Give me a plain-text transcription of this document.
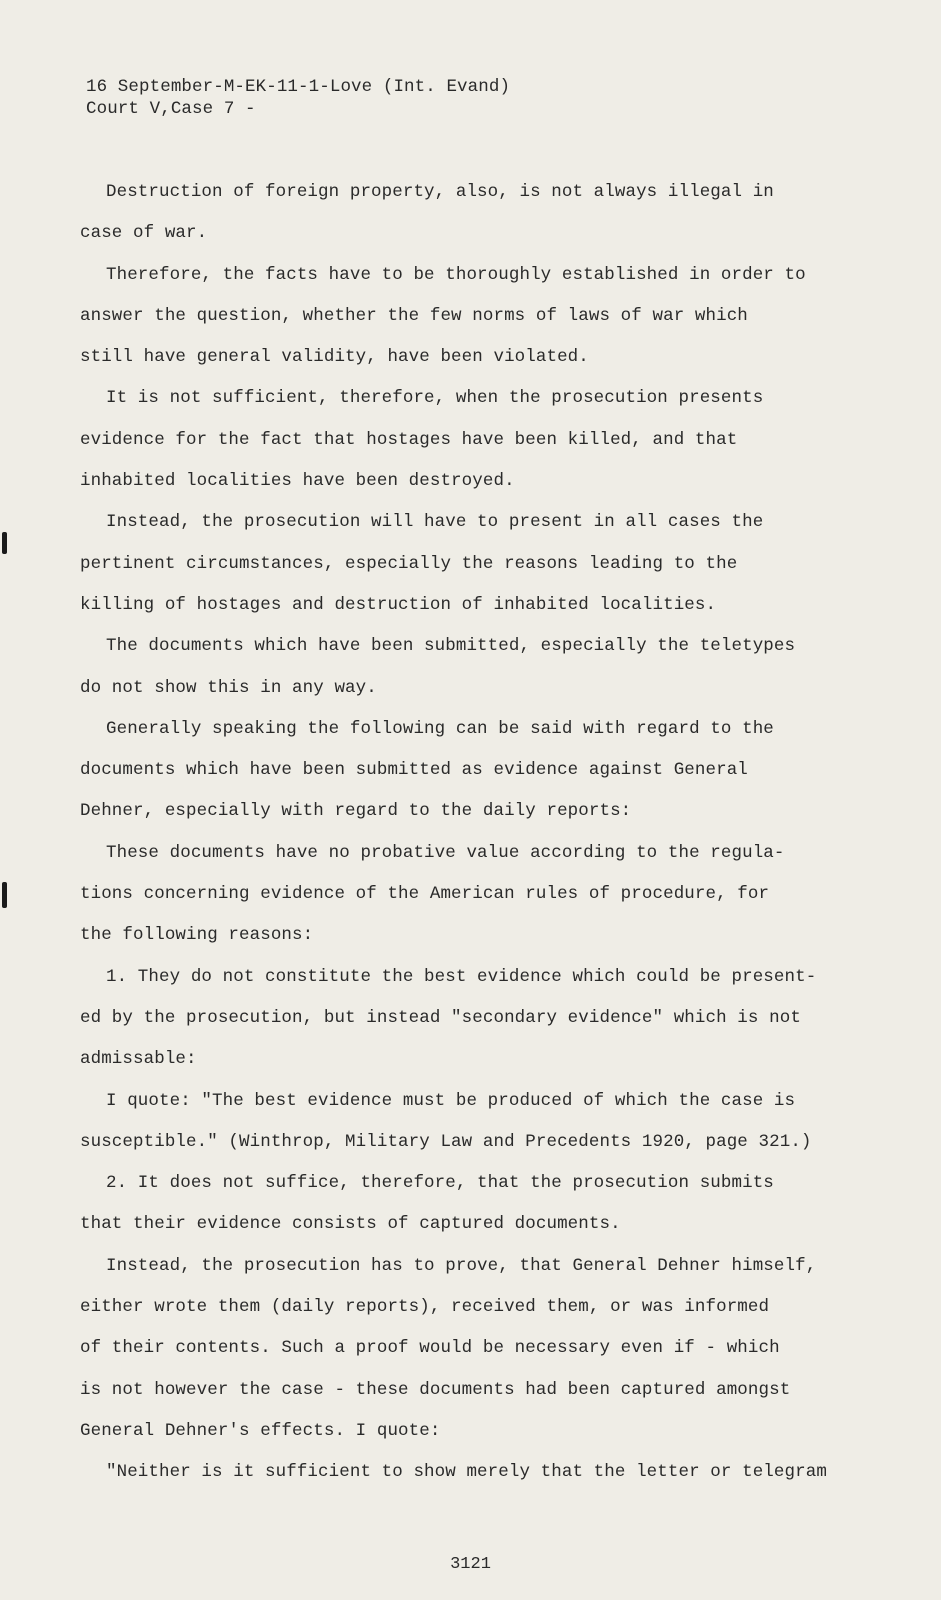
16 September-M-EK-11-1-Love (Int. Evand)
Court V,Case 7 -
Destruction of foreign property, also, is not always illegal in
case of war.
Therefore, the facts have to be thoroughly established in order to
answer the question, whether the few norms of laws of war which
still have general validity, have been violated.
It is not sufficient, therefore, when the prosecution presents
evidence for the fact that hostages have been killed, and that
inhabited localities have been destroyed.
Instead, the prosecution will have to present in all cases the
pertinent circumstances, especially the reasons leading to the
killing of hostages and destruction of inhabited localities.
The documents which have been submitted, especially the teletypes
do not show this in any way.
Generally speaking the following can be said with regard to the
documents which have been submitted as evidence against General
Dehner, especially with regard to the daily reports:
These documents have no probative value according to the regula-
tions concerning evidence of the American rules of procedure, for
the following reasons:
1. They do not constitute the best evidence which could be present-
ed by the prosecution, but instead "secondary evidence" which is not
admissable:
I quote: "The best evidence must be produced of which the case is
susceptible." (Winthrop, Military Law and Precedents 1920, page 321.)
2. It does not suffice, therefore, that the prosecution submits
that their evidence consists of captured documents.
Instead, the prosecution has to prove, that General Dehner himself,
either wrote them (daily reports), received them, or was informed
of their contents. Such a proof would be necessary even if - which
is not however the case - these documents had been captured amongst
General Dehner's effects. I quote:
"Neither is it sufficient to show merely that the letter or telegram
3121
